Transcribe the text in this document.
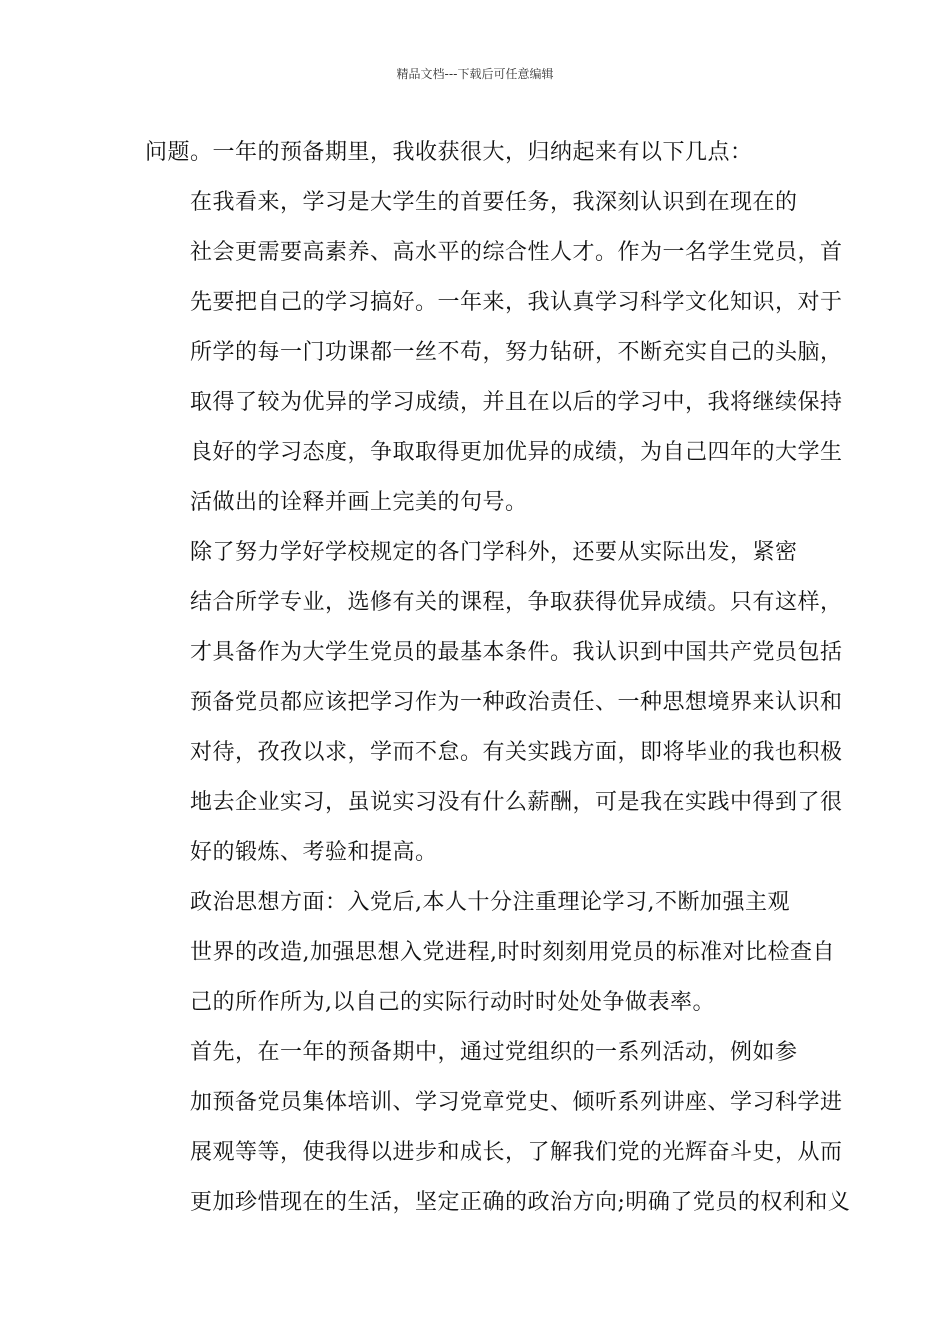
精品文档---下载后可任意编辑

问题。一年的预备期里，我收获很大，归纳起来有以下几点：

在我看来，学习是大学生的首要任务，我深刻认识到在现在的
社会更需要高素养、高水平的综合性人才。作为一名学生党员，首
先要把自己的学习搞好。一年来，我认真学习科学文化知识，对于
所学的每一门功课都一丝不苟，努力钻研，不断充实自己的头脑，
取得了较为优异的学习成绩，并且在以后的学习中，我将继续保持
良好的学习态度，争取取得更加优异的成绩，为自己四年的大学生
活做出的诠释并画上完美的句号。

除了努力学好学校规定的各门学科外，还要从实际出发，紧密
结合所学专业，选修有关的课程，争取获得优异成绩。只有这样，
才具备作为大学生党员的最基本条件。我认识到中国共产党员包括
预备党员都应该把学习作为一种政治责任、一种思想境界来认识和
对待，孜孜以求，学而不怠。有关实践方面，即将毕业的我也积极
地去企业实习，虽说实习没有什么薪酬，可是我在实践中得到了很
好的锻炼、考验和提高。

政治思想方面：入党后,本人十分注重理论学习,不断加强主观
世界的改造,加强思想入党进程,时时刻刻用党员的标准对比检查自
己的所作所为,以自己的实际行动时时处处争做表率。

首先，在一年的预备期中，通过党组织的一系列活动，例如参
加预备党员集体培训、学习党章党史、倾听系列讲座、学习科学进
展观等等，使我得以进步和成长，了解我们党的光辉奋斗史，从而
更加珍惜现在的生活，坚定正确的政治方向;明确了党员的权利和义
